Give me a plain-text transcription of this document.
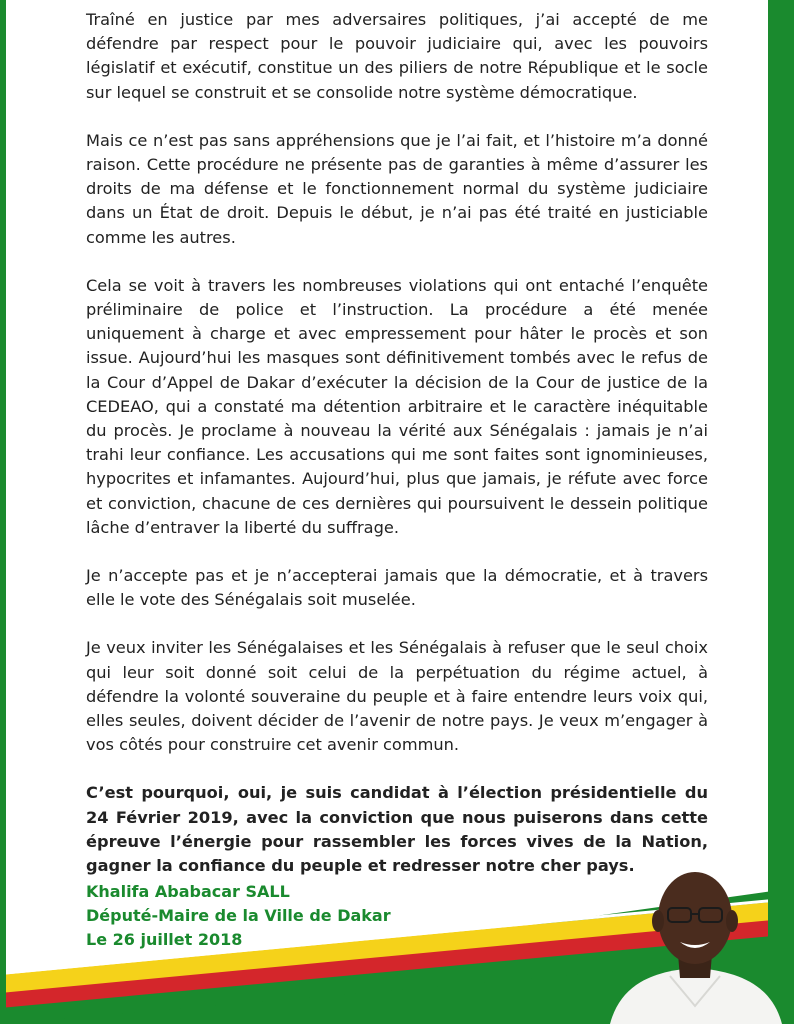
Traîné en justice par mes adversaires politiques, j’ai accepté de me défendre par respect pour le pouvoir judiciaire qui, avec les pouvoirs législatif et exécutif, constitue un des piliers de notre République et le socle sur lequel se construit et se consolide notre système démocratique.

Mais ce n’est pas sans appréhensions que je l’ai fait, et l’histoire m’a donné raison. Cette procédure ne présente pas de garanties à même d’assurer les droits de ma défense et le fonctionnement normal du système judiciaire dans un État de droit. Depuis le début, je n’ai pas été traité en justiciable comme les autres.

Cela se voit à travers les nombreuses violations qui ont entaché l’enquête préliminaire de police et l’instruction. La procédure a été menée uniquement à charge et avec empressement pour hâter le procès et son issue. Aujourd’hui les masques sont définitivement tombés avec le refus de la Cour d’Appel de Dakar d’exécuter la décision de la Cour de justice de la CEDEAO, qui a constaté ma détention arbitraire et le caractère inéquitable du procès. Je proclame à nouveau la vérité aux Sénégalais : jamais je n’ai trahi leur confiance. Les accusations qui me sont faites sont ignominieuses, hypocrites et infamantes. Aujourd’hui, plus que jamais, je réfute avec force et conviction, chacune de ces dernières qui poursuivent le dessein politique lâche d’entraver la liberté du suffrage.

Je n’accepte pas et je n’accepterai jamais que la démocratie, et à travers elle le vote des Sénégalais soit muselée.

Je veux inviter les Sénégalaises et les Sénégalais à refuser que le seul choix qui leur soit donné soit celui de la perpétuation du régime actuel, à défendre la volonté souveraine du peuple et à faire entendre leurs voix qui, elles seules, doivent décider de l’avenir de notre pays. Je veux m’engager à vos côtés pour construire cet avenir commun.

C’est pourquoi, oui, je suis candidat à l’élection présidentielle du 24 Février 2019, avec la conviction que nous puiserons dans cette épreuve l’énergie pour rassembler les forces vives de la Nation, gagner la confiance du peuple et redresser notre cher pays.

Khalifa Ababacar SALL
Député-Maire de la Ville de Dakar
Le 26 juillet 2018
